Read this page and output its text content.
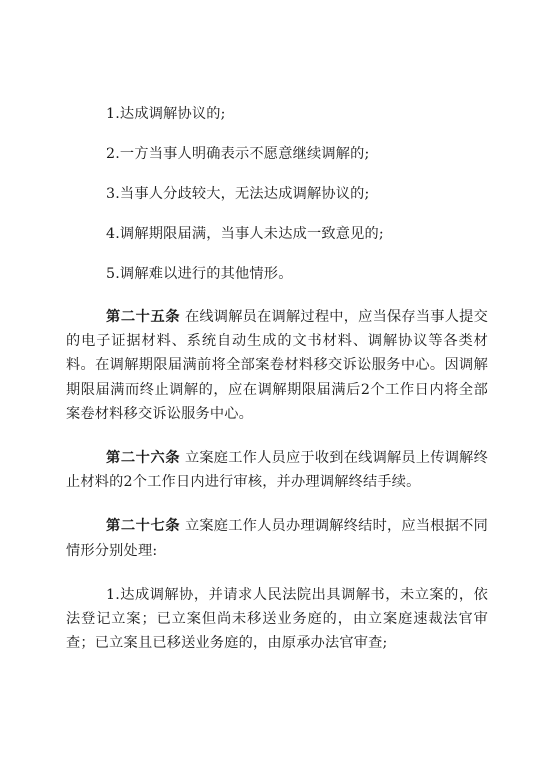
1.达成调解协议的;

2.一方当事人明确表示不愿意继续调解的;

3.当事人分歧较大，无法达成调解协议的;

4.调解期限届满，当事人未达成一致意见的;

5.调解难以进行的其他情形。

第二十五条 在线调解员在调解过程中，应当保存当事人提交的电子证据材料、系统自动生成的文书材料、调解协议等各类材料。在调解期限届满前将全部案卷材料移交诉讼服务中心。因调解期限届满而终止调解的，应在调解期限届满后2个工作日内将全部案卷材料移交诉讼服务中心。

第二十六条 立案庭工作人员应于收到在线调解员上传调解终止材料的2个工作日内进行审核，并办理调解终结手续。

第二十七条 立案庭工作人员办理调解终结时，应当根据不同情形分别处理:

1.达成调解协，并请求人民法院出具调解书，未立案的，依法登记立案；已立案但尚未移送业务庭的，由立案庭速裁法官审查；已立案且已移送业务庭的，由原承办法官审查;
